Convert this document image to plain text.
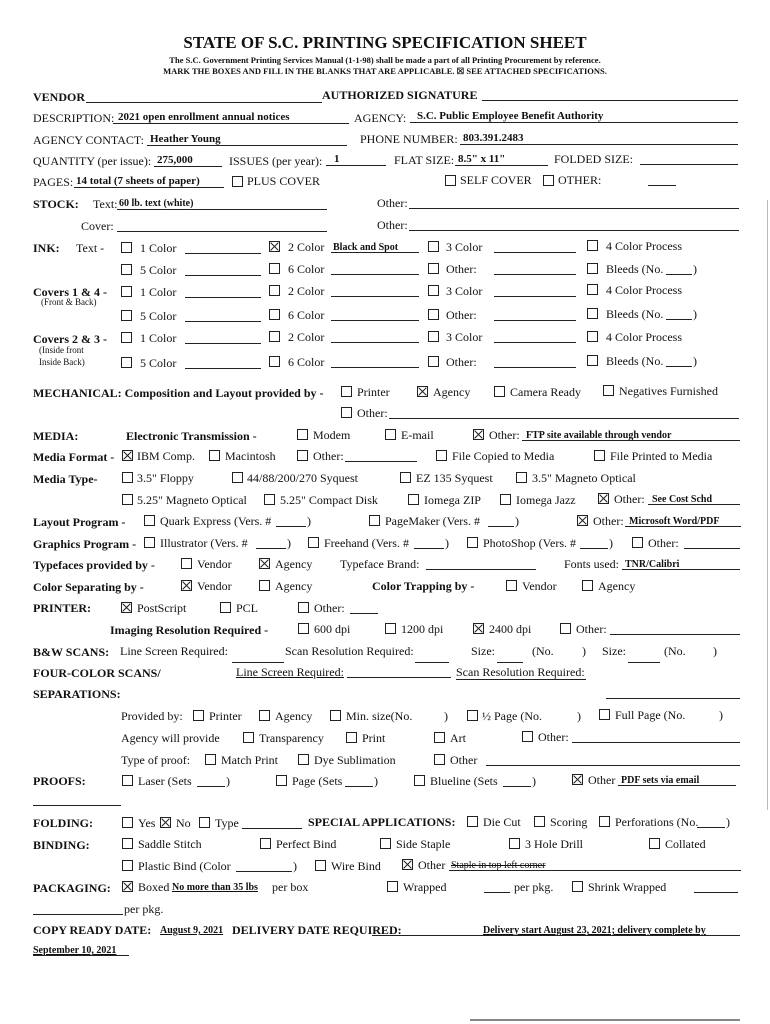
STATE OF S.C. PRINTING SPECIFICATION SHEET
The S.C. Government Printing Services Manual (1-1-98) shall be made a part of all Printing Procurement by reference.
MARK THE BOXES AND FILL IN THE BLANKS THAT ARE APPLICABLE. ☒ SEE ATTACHED SPECIFICATIONS.
VENDOR	AUTHORIZED SIGNATURE
DESCRIPTION: 2021 open enrollment annual notices	AGENCY: S.C. Public Employee Benefit Authority
AGENCY CONTACT: Heather Young	PHONE NUMBER: 803.391.2483
QUANTITY (per issue): 275,000	ISSUES (per year): 1	FLAT SIZE: 8.5" x 11"	FOLDED SIZE:
PAGES: 14 total (7 sheets of paper)	PLUS COVER	SELF COVER OTHER:
STOCK: Text: 60 lb. text (white)	Other:
Cover:	Other:
INK: Text -	1 Color	2 Color Black and Spot	3 Color	4 Color Process
5 Color	6 Color	Other:	Bleeds (No. )
Covers 1 & 4 -
(Front & Back)
1 Color	2 Color	3 Color	4 Color Process
5 Color	6 Color	Other:	Bleeds (No. )
Covers 2 & 3 -
(Inside front
Inside Back)
1 Color	2 Color	3 Color	4 Color Process
5 Color	6 Color	Other:	Bleeds (No. )
MECHANICAL: Composition and Layout provided by -	Printer	Agency	Camera Ready	Negatives Furnished
Other:
MEDIA:	Electronic Transmission -	Modem	E-mail	Other: FTP site available through vendor
Media Format - IBM Comp. Macintosh	Other:	File Copied to Media	File Printed to Media
Media Type-	3.5" Floppy	44/88/200/270 Syquest	EZ 135 Syquest	3.5" Magneto Optical
5.25" Magneto Optical	5.25" Compact Disk	Iomega ZIP	Iomega Jazz	Other: See Cost Schd
Layout Program -	Quark Express (Vers. #	)	PageMaker (Vers. #	)	Other: Microsoft Word/PDF
Graphics Program - Illustrator (Vers. #	)	Freehand (Vers. #	)	PhotoShop (Vers. #	)	Other:
Typefaces provided by -	Vendor	Agency Typeface Brand:	Fonts used: TNR/Calibri
Color Separating by -	Vendor	Agency	Color Trapping by -	Vendor	Agency
PRINTER:	PostScript	PCL	Other:
Imaging Resolution Required -	600 dpi	1200 dpi	2400 dpi	Other:
B&W SCANS: Line Screen Required:	Scan Resolution Required:	Size:	(No. ) Size:	(No. )
FOUR-COLOR SCANS/	Line Screen Required:	Scan Resolution Required:
SEPARATIONS:
Provided by: Printer	Agency	Min. size(No.	)	½ Page (No.	)	Full Page (No.	)
Agency will provide	Transparency	Print	Art	Other:
Type of proof:	Match Print	Dye Sublimation	Other
PROOFS:	Laser (Sets	)	Page (Sets	)	Blueline (Sets	)	Other PDF sets via email
FOLDING:	Yes No Type	SPECIAL APPLICATIONS: Die Cut Scoring Perforations (No. )
BINDING:	Saddle Stitch	Perfect Bind	Side Staple	3 Hole Drill	Collated
Plastic Bind (Color	)	Wire Bind	Other Staple in top left corner
PACKAGING: Boxed No more than 35 lbs per box	Wrapped	per pkg.	Shrink Wrapped
per pkg.
COPY READY DATE: August 9, 2021 DELIVERY DATE REQUIRED:	Delivery start August 23, 2021; delivery complete by
September 10, 2021
